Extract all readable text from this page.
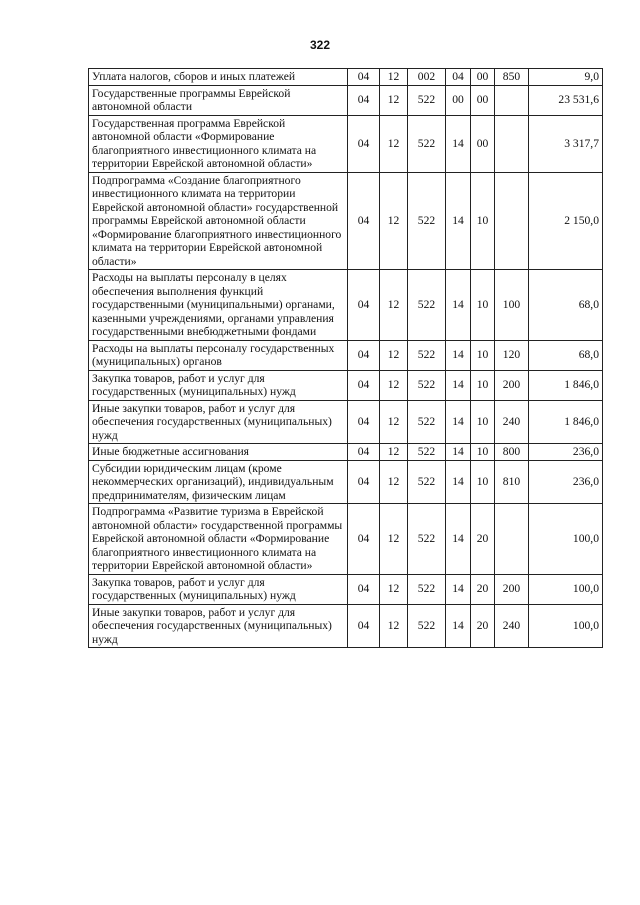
322
Уплата налогов, сборов и иных платежей	04	12	002	04	00	850	9,0
Государственные программы Еврейской автономной области	04	12	522	00	00		23 531,6
Государственная программа Еврейской автономной области «Формирование благоприятного инвестиционного климата на территории Еврейской автономной области»	04	12	522	14	00		3 317,7
Подпрограмма «Создание благоприятного инвестиционного климата на территории Еврейской автономной области» государственной программы Еврейской автономной области «Формирование благоприятного инвестиционного климата на территории Еврейской автономной области»	04	12	522	14	10		2 150,0
Расходы на выплаты персоналу в целях обеспечения выполнения функций государственными (муниципальными) органами, казенными учреждениями, органами управления государственными внебюджетными фондами	04	12	522	14	10	100	68,0
Расходы на выплаты персоналу государственных (муниципальных) органов	04	12	522	14	10	120	68,0
Закупка товаров, работ и услуг для государственных (муниципальных) нужд	04	12	522	14	10	200	1 846,0
Иные закупки товаров, работ и услуг для обеспечения государственных (муниципальных) нужд	04	12	522	14	10	240	1 846,0
Иные бюджетные ассигнования	04	12	522	14	10	800	236,0
Субсидии юридическим лицам (кроме некоммерческих организаций), индивидуальным предпринимателям, физическим лицам	04	12	522	14	10	810	236,0
Подпрограмма «Развитие туризма в Еврейской автономной области» государственной программы Еврейской автономной области «Формирование благоприятного инвестиционного климата на территории Еврейской автономной области»	04	12	522	14	20		100,0
Закупка товаров, работ и услуг для государственных (муниципальных) нужд	04	12	522	14	20	200	100,0
Иные закупки товаров, работ и услуг для обеспечения государственных (муниципальных) нужд	04	12	522	14	20	240	100,0
